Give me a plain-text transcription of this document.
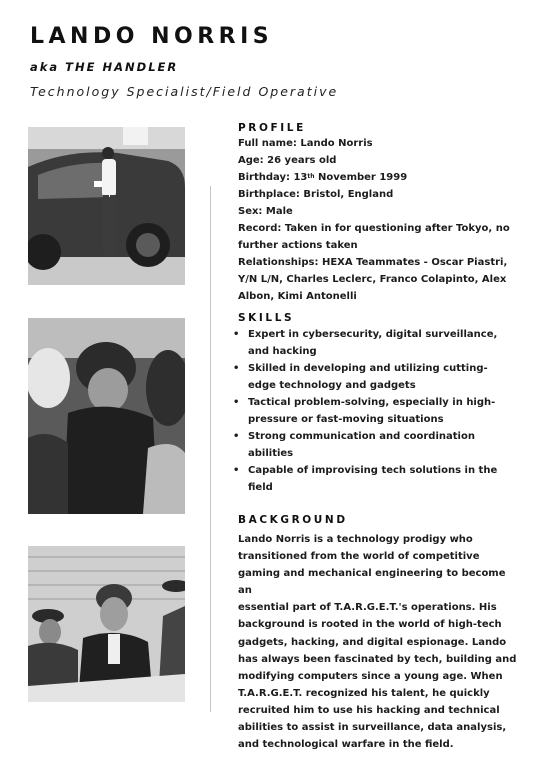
LANDO NORRIS
aka THE HANDLER
Technology Specialist/Field Operative

PROFILE

Full name: Lando Norris

Age: 26 years old

Birthday: 13th November 1999

Birthplace: Bristol, England

Sex: Male

Record: Taken in for questioning after Tokyo, no

further actions taken

Relationships: HEXA Teammates - Oscar Piastri,

Y/N L/N, Charles Leclerc, Franco Colapinto, Alex

Albon, Kimi Antonelli

SKILLS

• Expert in cybersecurity, digital surveillance,
and hacking
• Skilled in developing and utilizing cutting-
edge technology and gadgets
• Tactical problem-solving, especially in high-
pressure or fast-moving situations
• Strong communication and coordination
abilities
• Capable of improvising tech solutions in the
field

BACKGROUND

Lando Norris is a technology prodigy who

transitioned from the world of competitive

gaming and mechanical engineering to become an

essential part of T.A.R.G.E.T.'s operations. His

background is rooted in the world of high-tech

gadgets, hacking, and digital espionage. Lando

has always been fascinated by tech, building and

modifying computers since a young age. When

T.A.R.G.E.T. recognized his talent, he quickly

recruited him to use his hacking and technical

abilities to assist in surveillance, data analysis,

and technological warfare in the field.
